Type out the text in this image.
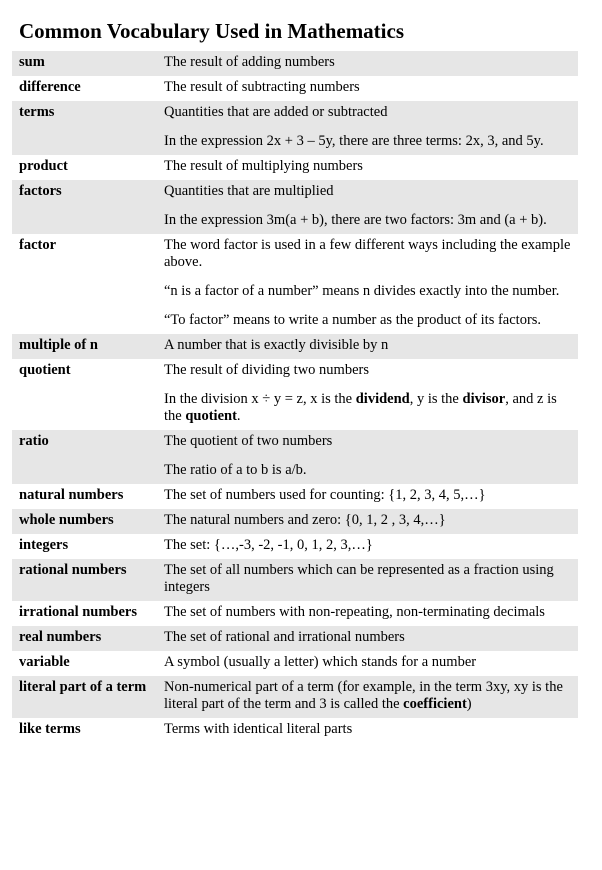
Common Vocabulary Used in Mathematics
sum	The result of adding numbers

difference	The result of subtracting numbers

terms	Quantities that are added or subtracted

In the expression 2x + 3 – 5y, there are three terms: 2x, 3, and 5y.

product	The result of multiplying numbers

factors	Quantities that are multiplied

In the expression 3m(a + b), there are two factors: 3m and (a + b).

factor	The word factor is used in a few different ways including the example above.

“n is a factor of a number” means n divides exactly into the number.

“To factor” means to write a number as the product of its factors.

multiple of n	A number that is exactly divisible by n

quotient	The result of dividing two numbers

In the division x ÷ y = z, x is the dividend, y is the divisor, and z is the quotient.

ratio	The quotient of two numbers

The ratio of a to b is a/b.

natural numbers	The set of numbers used for counting: {1, 2, 3, 4, 5,…}

whole numbers	The natural numbers and zero: {0, 1, 2 , 3, 4,…}

integers	The set: {…,-3, -2, -1, 0, 1, 2, 3,…}

rational numbers	The set of all numbers which can be represented as a fraction using integers

irrational numbers	The set of numbers with non-repeating, non-terminating decimals

real numbers	The set of rational and irrational numbers

variable	A symbol (usually a letter) which stands for a number

literal part of a term	Non-numerical part of a term (for example, in the term 3xy, xy is the literal part of the term and 3 is called the coefficient)

like terms	Terms with identical literal parts
